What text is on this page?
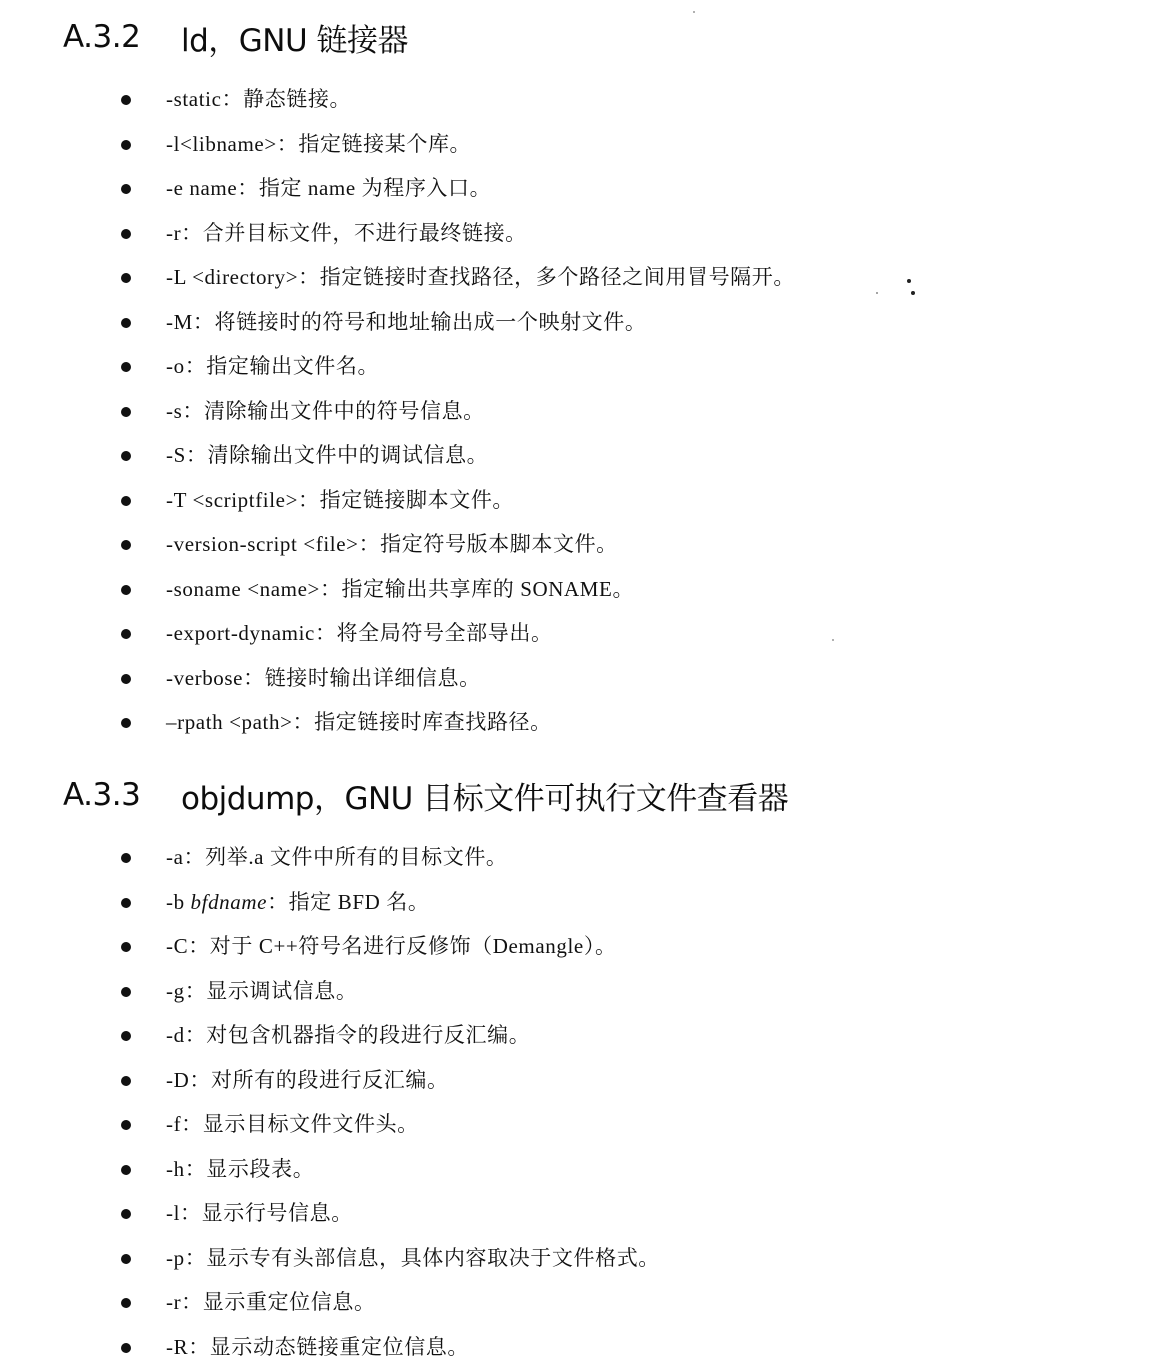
A.3.2	ld，GNU 链接器
-static：静态链接。
-l<libname>：指定链接某个库。
-e name：指定 name 为程序入口。
-r：合并目标文件，不进行最终链接。
-L <directory>：指定链接时查找路径，多个路径之间用冒号隔开。
-M：将链接时的符号和地址输出成一个映射文件。
-o：指定输出文件名。
-s：清除输出文件中的符号信息。
-S：清除输出文件中的调试信息。
-T <scriptfile>：指定链接脚本文件。
-version-script <file>：指定符号版本脚本文件。
-soname <name>：指定输出共享库的 SONAME。
-export-dynamic：将全局符号全部导出。
-verbose：链接时输出详细信息。
–rpath <path>：指定链接时库查找路径。
A.3.3	objdump，GNU 目标文件可执行文件查看器
-a：列举.a 文件中所有的目标文件。
-b bfdname：指定 BFD 名。
-C：对于 C++符号名进行反修饰（Demangle）。
-g：显示调试信息。
-d：对包含机器指令的段进行反汇编。
-D：对所有的段进行反汇编。
-f：显示目标文件文件头。
-h：显示段表。
-l：显示行号信息。
-p：显示专有头部信息，具体内容取决于文件格式。
-r：显示重定位信息。
-R：显示动态链接重定位信息。
